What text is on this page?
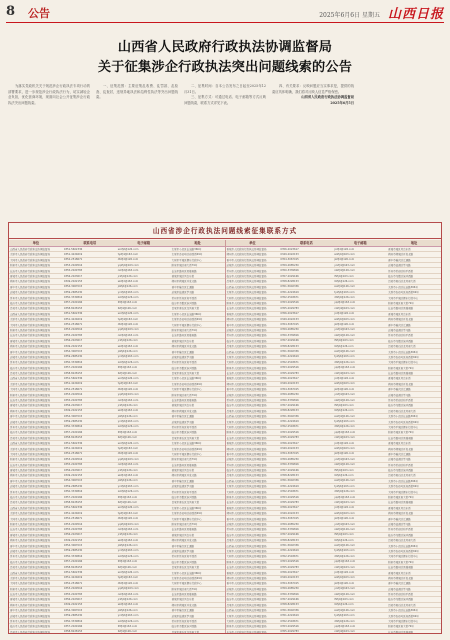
8 公告	2025年6月6日 星期五 山西日报
山西省人民政府行政执法协调监督局
关于征集涉企行政执法突出问题线索的公告

为落实党政机关关于规范涉企行政执法专项行动的部署要求，进一步规范涉企行政执法行为，切实减轻企业负担，优化营商环境，现面向社会公开征集涉企行政执法突出问题线索。

一、征集范围：主要征集乱收费、乱罚款、乱检查、乱查封，违规异地执法和趋利性执法等突出问题线索。

二、征集时间：自本公告发布之日起至2025年12月31日。

三、征集方式：可通过电话、电子邮箱等方式反映问题线索，联系方式详见下表。

四、有关要求：反映问题应当实事求是，提供的线索应具体明确，我们将对反映人信息严格保密。

山西省人民政府行政执法协调监督局

2025年6月5日

山西省涉企行政执法问题线索征集联系方式
单位	联系电话	电子邮箱	地址
山西省人民政府行政执法协调监督局	0351-5602336	sxzfjd@126.com	太原市小店区长治路366号
太原市人民政府行政执法协调监督局	0351-4224619	tyzfjd@163.com	太原市杏花岭区府西街69号
大同市人民政府行政执法协调监督局	0352-2518671	dtzfjd@126.com	大同市平城区御东行政中心
阳泉市人民政府行政执法协调监督局	0353-2029516	yqzfjd@163.com	阳泉市城区南大街79号
长治市人民政府行政执法协调监督局	0355-2029783	czzfjd@163.com	长治市潞州区英雄南路
晋城市人民政府行政执法协调监督局	0356-2023617	jczfjd@126.com	晋城市城区凤台东街
朔州市人民政府行政执法协调监督局	0349-2022153	szzfjd@163.com	朔州市朔城区开发北路
晋中市人民政府行政执法协调监督局	0354-3067015	jzzfjd@126.com	晋中市榆次区汇通路
运城市人民政府行政执法协调监督局	0359-2685230	yczfjd@163.com	运城市盐湖区学苑路
忻州市人民政府行政执法协调监督局	0350-3339816	xzzfjd@126.com	忻州市忻府区和平西街
临汾市人民政府行政执法协调监督局	0357-2029166	lfzfjd@163.com	临汾市尧都区滨河西路
吕梁市人民政府行政执法协调监督局	0358-8228153	llzfjd@126.com	吕梁市离石区龙凤南大街
山西省人民政府行政执法协调监督局	0351-5602336	sxzfjd@126.com	太原市小店区长治路366号
太原市人民政府行政执法协调监督局	0351-4224619	tyzfjd@163.com	太原市杏花岭区府西街69号
大同市人民政府行政执法协调监督局	0352-2518671	dtzfjd@126.com	大同市平城区御东行政中心
阳泉市人民政府行政执法协调监督局	0353-2029516	yqzfjd@163.com	阳泉市城区南大街79号
长治市人民政府行政执法协调监督局	0355-2029783	czzfjd@163.com	长治市潞州区英雄南路
晋城市人民政府行政执法协调监督局	0356-2023617	jczfjd@126.com	晋城市城区凤台东街
朔州市人民政府行政执法协调监督局	0349-2022153	szzfjd@163.com	朔州市朔城区开发北路
晋中市人民政府行政执法协调监督局	0354-3067015	jzzfjd@126.com	晋中市榆次区汇通路
运城市人民政府行政执法协调监督局	0359-2685230	yczfjd@163.com	运城市盐湖区学苑路
忻州市人民政府行政执法协调监督局	0350-3339816	xzzfjd@126.com	忻州市忻府区和平西街
临汾市人民政府行政执法协调监督局	0357-2029166	lfzfjd@163.com	临汾市尧都区滨河西路
吕梁市人民政府行政执法协调监督局	0358-8228153	llzfjd@126.com	吕梁市离石区龙凤南大街
山西省人民政府行政执法协调监督局	0351-5602336	sxzfjd@126.com	太原市小店区长治路366号
太原市人民政府行政执法协调监督局	0351-4224619	tyzfjd@163.com	太原市杏花岭区府西街69号
大同市人民政府行政执法协调监督局	0352-2518671	dtzfjd@126.com	大同市平城区御东行政中心
阳泉市人民政府行政执法协调监督局	0353-2029516	yqzfjd@163.com	阳泉市城区南大街79号
长治市人民政府行政执法协调监督局	0355-2029783	czzfjd@163.com	长治市潞州区英雄南路
晋城市人民政府行政执法协调监督局	0356-2023617	jczfjd@126.com	晋城市城区凤台东街
朔州市人民政府行政执法协调监督局	0349-2022153	szzfjd@163.com	朔州市朔城区开发北路
晋中市人民政府行政执法协调监督局	0354-3067015	jzzfjd@126.com	晋中市榆次区汇通路
运城市人民政府行政执法协调监督局	0359-2685230	yczfjd@163.com	运城市盐湖区学苑路
忻州市人民政府行政执法协调监督局	0350-3339816	xzzfjd@126.com	忻州市忻府区和平西街
临汾市人民政府行政执法协调监督局	0357-2029166	lfzfjd@163.com	临汾市尧都区滨河西路
吕梁市人民政府行政执法协调监督局	0358-8228153	llzfjd@126.com	吕梁市离石区龙凤南大街
山西省人民政府行政执法协调监督局	0351-5602336	sxzfjd@126.com	太原市小店区长治路366号
太原市人民政府行政执法协调监督局	0351-4224619	tyzfjd@163.com	太原市杏花岭区府西街69号
大同市人民政府行政执法协调监督局	0352-2518671	dtzfjd@126.com	大同市平城区御东行政中心
阳泉市人民政府行政执法协调监督局	0353-2029516	yqzfjd@163.com	阳泉市城区南大街79号
长治市人民政府行政执法协调监督局	0355-2029783	czzfjd@163.com	长治市潞州区英雄南路
晋城市人民政府行政执法协调监督局	0356-2023617	jczfjd@126.com	晋城市城区凤台东街
朔州市人民政府行政执法协调监督局	0349-2022153	szzfjd@163.com	朔州市朔城区开发北路
晋中市人民政府行政执法协调监督局	0354-3067015	jzzfjd@126.com	晋中市榆次区汇通路
运城市人民政府行政执法协调监督局	0359-2685230	yczfjd@163.com	运城市盐湖区学苑路
忻州市人民政府行政执法协调监督局	0350-3339816	xzzfjd@126.com	忻州市忻府区和平西街
临汾市人民政府行政执法协调监督局	0357-2029166	lfzfjd@163.com	临汾市尧都区滨河西路
吕梁市人民政府行政执法协调监督局	0358-8228153	llzfjd@126.com	吕梁市离石区龙凤南大街
山西省人民政府行政执法协调监督局	0351-5602336	sxzfjd@126.com	太原市小店区长治路366号
太原市人民政府行政执法协调监督局	0351-4224619	tyzfjd@163.com	太原市杏花岭区府西街69号
大同市人民政府行政执法协调监督局	0352-2518671	dtzfjd@126.com	大同市平城区御东行政中心
阳泉市人民政府行政执法协调监督局	0353-2029516	yqzfjd@163.com	阳泉市城区南大街79号
长治市人民政府行政执法协调监督局	0355-2029783	czzfjd@163.com	长治市潞州区英雄南路
晋城市人民政府行政执法协调监督局	0356-2023617	jczfjd@126.com	晋城市城区凤台东街
朔州市人民政府行政执法协调监督局	0349-2022153	szzfjd@163.com	朔州市朔城区开发北路
晋中市人民政府行政执法协调监督局	0354-3067015	jzzfjd@126.com	晋中市榆次区汇通路
运城市人民政府行政执法协调监督局	0359-2685230	yczfjd@163.com	运城市盐湖区学苑路
忻州市人民政府行政执法协调监督局	0350-3339816	xzzfjd@126.com	忻州市忻府区和平西街
临汾市人民政府行政执法协调监督局	0357-2029166	lfzfjd@163.com	临汾市尧都区滨河西路
吕梁市人民政府行政执法协调监督局	0358-8228153	llzfjd@126.com	吕梁市离石区龙凤南大街
山西省人民政府行政执法协调监督局	0351-5602336	sxzfjd@126.com	太原市小店区长治路366号
太原市人民政府行政执法协调监督局	0351-4224619	tyzfjd@163.com	太原市杏花岭区府西街69号
大同市人民政府行政执法协调监督局	0352-2518671	dtzfjd@126.com	大同市平城区御东行政中心
阳泉市人民政府行政执法协调监督局	0353-2029516	yqzfjd@163.com	阳泉市城区南大街79号
长治市人民政府行政执法协调监督局	0355-2029783	czzfjd@163.com	长治市潞州区英雄南路
晋城市人民政府行政执法协调监督局	0356-2023617	jczfjd@126.com	晋城市城区凤台东街
朔州市人民政府行政执法协调监督局	0349-2022153	szzfjd@163.com	朔州市朔城区开发北路
晋中市人民政府行政执法协调监督局	0354-3067015	jzzfjd@126.com	晋中市榆次区汇通路
运城市人民政府行政执法协调监督局	0359-2685230	yczfjd@163.com	运城市盐湖区学苑路
忻州市人民政府行政执法协调监督局	0350-3339816	xzzfjd@126.com	忻州市忻府区和平西街
临汾市人民政府行政执法协调监督局	0357-2029166	lfzfjd@163.com	临汾市尧都区滨河西路
吕梁市人民政府行政执法协调监督局	0358-8228153	llzfjd@126.com	吕梁市离石区龙凤南大街
单位	联系电话	电子邮箱	地址
晋城市人民政府行政执法协调监督局	0356-2023617	jczfjd@126.com	晋城市城区凤台东街
朔州市人民政府行政执法协调监督局	0349-2022153	szzfjd@163.com	朔州市朔城区开发北路
晋中市人民政府行政执法协调监督局	0354-3067015	jzzfjd@126.com	晋中市榆次区汇通路
运城市人民政府行政执法协调监督局	0359-2685230	yczfjd@163.com	运城市盐湖区学苑路
忻州市人民政府行政执法协调监督局	0350-3339816	xzzfjd@126.com	忻州市忻府区和平西街
临汾市人民政府行政执法协调监督局	0357-2029166	lfzfjd@163.com	临汾市尧都区滨河西路
吕梁市人民政府行政执法协调监督局	0358-8228153	llzfjd@126.com	吕梁市离石区龙凤南大街
山西省人民政府行政执法协调监督局	0351-5602336	sxzfjd@126.com	太原市小店区长治路366号
太原市人民政府行政执法协调监督局	0351-4224619	tyzfjd@163.com	太原市杏花岭区府西街69号
大同市人民政府行政执法协调监督局	0352-2518671	dtzfjd@126.com	大同市平城区御东行政中心
阳泉市人民政府行政执法协调监督局	0353-2029516	yqzfjd@163.com	阳泉市城区南大街79号
长治市人民政府行政执法协调监督局	0355-2029783	czzfjd@163.com	长治市潞州区英雄南路
晋城市人民政府行政执法协调监督局	0356-2023617	jczfjd@126.com	晋城市城区凤台东街
朔州市人民政府行政执法协调监督局	0349-2022153	szzfjd@163.com	朔州市朔城区开发北路
晋中市人民政府行政执法协调监督局	0354-3067015	jzzfjd@126.com	晋中市榆次区汇通路
运城市人民政府行政执法协调监督局	0359-2685230	yczfjd@163.com	运城市盐湖区学苑路
忻州市人民政府行政执法协调监督局	0350-3339816	xzzfjd@126.com	忻州市忻府区和平西街
临汾市人民政府行政执法协调监督局	0357-2029166	lfzfjd@163.com	临汾市尧都区滨河西路
吕梁市人民政府行政执法协调监督局	0358-8228153	llzfjd@126.com	吕梁市离石区龙凤南大街
山西省人民政府行政执法协调监督局	0351-5602336	sxzfjd@126.com	太原市小店区长治路366号
太原市人民政府行政执法协调监督局	0351-4224619	tyzfjd@163.com	太原市杏花岭区府西街69号
大同市人民政府行政执法协调监督局	0352-2518671	dtzfjd@126.com	大同市平城区御东行政中心
阳泉市人民政府行政执法协调监督局	0353-2029516	yqzfjd@163.com	阳泉市城区南大街79号
长治市人民政府行政执法协调监督局	0355-2029783	czzfjd@163.com	长治市潞州区英雄南路
晋城市人民政府行政执法协调监督局	0356-2023617	jczfjd@126.com	晋城市城区凤台东街
朔州市人民政府行政执法协调监督局	0349-2022153	szzfjd@163.com	朔州市朔城区开发北路
晋中市人民政府行政执法协调监督局	0354-3067015	jzzfjd@126.com	晋中市榆次区汇通路
运城市人民政府行政执法协调监督局	0359-2685230	yczfjd@163.com	运城市盐湖区学苑路
忻州市人民政府行政执法协调监督局	0350-3339816	xzzfjd@126.com	忻州市忻府区和平西街
临汾市人民政府行政执法协调监督局	0357-2029166	lfzfjd@163.com	临汾市尧都区滨河西路
吕梁市人民政府行政执法协调监督局	0358-8228153	llzfjd@126.com	吕梁市离石区龙凤南大街
山西省人民政府行政执法协调监督局	0351-5602336	sxzfjd@126.com	太原市小店区长治路366号
太原市人民政府行政执法协调监督局	0351-4224619	tyzfjd@163.com	太原市杏花岭区府西街69号
大同市人民政府行政执法协调监督局	0352-2518671	dtzfjd@126.com	大同市平城区御东行政中心
阳泉市人民政府行政执法协调监督局	0353-2029516	yqzfjd@163.com	阳泉市城区南大街79号
长治市人民政府行政执法协调监督局	0355-2029783	czzfjd@163.com	长治市潞州区英雄南路
晋城市人民政府行政执法协调监督局	0356-2023617	jczfjd@126.com	晋城市城区凤台东街
朔州市人民政府行政执法协调监督局	0349-2022153	szzfjd@163.com	朔州市朔城区开发北路
晋中市人民政府行政执法协调监督局	0354-3067015	jzzfjd@126.com	晋中市榆次区汇通路
运城市人民政府行政执法协调监督局	0359-2685230	yczfjd@163.com	运城市盐湖区学苑路
忻州市人民政府行政执法协调监督局	0350-3339816	xzzfjd@126.com	忻州市忻府区和平西街
临汾市人民政府行政执法协调监督局	0357-2029166	lfzfjd@163.com	临汾市尧都区滨河西路
吕梁市人民政府行政执法协调监督局	0358-8228153	llzfjd@126.com	吕梁市离石区龙凤南大街
山西省人民政府行政执法协调监督局	0351-5602336	sxzfjd@126.com	太原市小店区长治路366号
太原市人民政府行政执法协调监督局	0351-4224619	tyzfjd@163.com	太原市杏花岭区府西街69号
大同市人民政府行政执法协调监督局	0352-2518671	dtzfjd@126.com	大同市平城区御东行政中心
阳泉市人民政府行政执法协调监督局	0353-2029516	yqzfjd@163.com	阳泉市城区南大街79号
长治市人民政府行政执法协调监督局	0355-2029783	czzfjd@163.com	长治市潞州区英雄南路
晋城市人民政府行政执法协调监督局	0356-2023617	jczfjd@126.com	晋城市城区凤台东街
朔州市人民政府行政执法协调监督局	0349-2022153	szzfjd@163.com	朔州市朔城区开发北路
晋中市人民政府行政执法协调监督局	0354-3067015	jzzfjd@126.com	晋中市榆次区汇通路
运城市人民政府行政执法协调监督局	0359-2685230	yczfjd@163.com	运城市盐湖区学苑路
忻州市人民政府行政执法协调监督局	0350-3339816	xzzfjd@126.com	忻州市忻府区和平西街
临汾市人民政府行政执法协调监督局	0357-2029166	lfzfjd@163.com	临汾市尧都区滨河西路
吕梁市人民政府行政执法协调监督局	0358-8228153	llzfjd@126.com	吕梁市离石区龙凤南大街
山西省人民政府行政执法协调监督局	0351-5602336	sxzfjd@126.com	太原市小店区长治路366号
太原市人民政府行政执法协调监督局	0351-4224619	tyzfjd@163.com	太原市杏花岭区府西街69号
大同市人民政府行政执法协调监督局	0352-2518671	dtzfjd@126.com	大同市平城区御东行政中心
阳泉市人民政府行政执法协调监督局	0353-2029516	yqzfjd@163.com	阳泉市城区南大街79号
长治市人民政府行政执法协调监督局	0355-2029783	czzfjd@163.com	长治市潞州区英雄南路
晋城市人民政府行政执法协调监督局	0356-2023617	jczfjd@126.com	晋城市城区凤台东街
朔州市人民政府行政执法协调监督局	0349-2022153	szzfjd@163.com	朔州市朔城区开发北路
晋中市人民政府行政执法协调监督局	0354-3067015	jzzfjd@126.com	晋中市榆次区汇通路
运城市人民政府行政执法协调监督局	0359-2685230	yczfjd@163.com	运城市盐湖区学苑路
忻州市人民政府行政执法协调监督局	0350-3339816	xzzfjd@126.com	忻州市忻府区和平西街
临汾市人民政府行政执法协调监督局	0357-2029166	lfzfjd@163.com	临汾市尧都区滨河西路
吕梁市人民政府行政执法协调监督局	0358-8228153	llzfjd@126.com	吕梁市离石区龙凤南大街
山西省人民政府行政执法协调监督局	0351-5602336	sxzfjd@126.com	太原市小店区长治路366号
太原市人民政府行政执法协调监督局	0351-4224619	tyzfjd@163.com	太原市杏花岭区府西街69号
大同市人民政府行政执法协调监督局	0352-2518671	dtzfjd@126.com	大同市平城区御东行政中心
阳泉市人民政府行政执法协调监督局	0353-2029516	yqzfjd@163.com	阳泉市城区南大街79号
长治市人民政府行政执法协调监督局	0355-2029783	czzfjd@163.com	长治市潞州区英雄南路
